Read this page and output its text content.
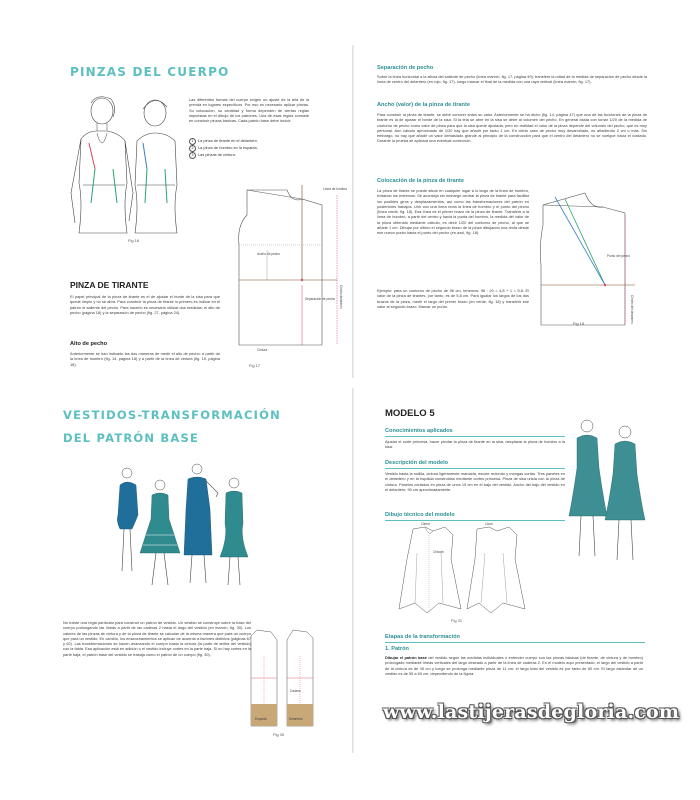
PINZAS DEL CUERPO
Fig 16

Las diferentes formas del cuerpo exigen un ajuste de la tela de la prenda en lugares específicos. Por eso es necesario aplicar pinzas. Su colocación, su cantidad y forma dependen de ciertas reglas impuestas en el dibujo de los patrones. Una de esas reglas consiste en construir pinzas básicas. Cada patrón base debe incluir:

1 La pinza de tirante en el delantero.
2 La pinza de hombro en la espalda.
3 Las pinzas de cintura.
Línea de hombro
Ancho de pecho
Separación de pecho Centro delantero
Cintura
Fig 17
PINZA DE TIRANTE

El papel principal de la pinza de tirante es el de ajustar el borde de la sisa para que quede limpio y no se abra. Para construir la pinza de tirante lo primero es indicar en el patrón el saliente del pecho. Para hacerlo es necesario utilizar dos medidas: el alto de pecho (página 18) y la separación de pecho (fig. 27, página 24).

Alto de pecho

Anteriormente se han indicado las dos maneras de medir el alto de pecho: a partir de la línea de hombro (fig. 14, página 18) y a partir de la línea de cintura (fig. 15, página 18).

Separación de pecho

Sobre la línea horizontal a la altura del saliente de pecho (línea marrón, fig. 17, página 49), transferir la mitad de la medida de separación de pecho desde la línea de centro del delantero (en rojo, fig. 17), luego marcar el final de la medida con una raya vertical (línea marrón, fig. 17).

Ancho (valor) de la pinza de tirante

Para construir la pinza de tirante, se debe conocer antes su valor. Anteriormente se ha dicho (fig. 14, página 47) que una de las funciones de la pinza de tirante es la de ajustar el borde de la sisa. Si la tela se abre en la sisa se debe al volumen del pecho. En general basta con tomar 1/20 de la medida de contorno de pecho como valor de pinza para que la sisa quede ajustada, pero en realidad el valor de la pinza depende del volumen del pecho, que es muy personal. Aun cálculo aproximado de 1/20 hay que añadir por tanto 1 cm. En cierto caso de pecho muy desarrollado, es añadiendo 2 cm o más. Sin embargo, no hay que añadir un valor demasiado grande al principio de la construcción para que el centro del delantero no se vuelque hacia el costado. Durante la prueba se aplicará una eventual corrección.

Colocación de la pinza de tirante

La pinza de tirante se puede situar en cualquier lugar a lo largo de la línea de hombro, evitando los extremos. Se aconseja sin embargo centrar la pinza de tirante para facilitar los posibles giros y desplazamientos, así como las transformaciones del patrón en posteriores trabajos. Unir con una línea recta la línea de hombro y el punto del pecho (línea verde, fig. 18). Esa línea es el primer brazo de la pinza de tirante. Transferir a la línea de hombro, a partir del centro y hacia la punta del hombro, la medida del valor de la pinza obtenido mediante cálculo, es decir 1/20 del contorno de pecho, al que se añade 1 cm. Dibujar por último el segundo brazo de la pinza dibujando una recta desde ese nuevo punto hasta el punto del pecho (en azul, fig. 18).

Ejemplo: para un contorno de pecho de 96 cm, tenemos: 96 : 20 = 4,8 + 1 = 5,8. El valor de la pinza de tirantes, por tanto, es de 5,8 cm. Para igualar los largos de los dos brazos de la pinza, medir el largo del primer brazo (en verde, fig. 18) y transferir ese valor al segundo brazo. Marcar un punto.

Punto del pecho
Centro del delantero
Fig 18
VESTIDOS-TRANSFORMACIÓN
DEL PATRÓN BASE

No existe una regla particular para construir un patrón de vestido. Un vestido se construye sobre la base del cuerpo prolongando las líneas a partir de las caderas 2 hasta el largo del vestido (en marrón, fig. 30). Los valores de las pinzas de cintura y de la pinza de tirante se calculan de la misma manera que para un cuerpo que para un vestido. En cambio, los ensanchamientos se aplican de acuerdo a factores distintos (páginas 67 y 62). Las transformaciones se hacen avanzando el cuerpo hasta la cintura (la parte de arriba del vestido) con la falda. Esa aplicación está en adición o el vestido incluye cortes en la parte baja. Si no hay cortes en la parte baja, el patrón base del vestido se trabaja como el patrón de un cuerpo (fig. 30).

Cadera
Espalda	Delantero
Fig 30
MODELO 5
Conocimientos aplicados

Ajustar el corte princesa, hacer pivotar la pinza de tirante en la sisa, desplazar la pinza de hombro a la sisa.

Descripción del modelo

Vestido hasta la rodilla, cintura ligeramente marcada, escote redondo y mangas cortas. Tres paneles en el delantero y en la espalda construidos mediante cortes princesa. Pinza de sisa unida con la pinza de cintura. Paneles cortados en pieza de unos 15 cm en el bajo del vestido. Ancho del bajo del vestido en el delantero: 90 cm aproximadamente.

Dibujo técnico del modelo
13mm	14cm
Chicote
Fig 31
Etapas de la transformación
1. Patrón

Dibujar el patrón base del vestido según las medidas individuales o entender cuerpo con las pinzas básicas (de tirante, de cintura y de hombro) prolongado mediante líneas verticales del largo deseado a partir de la línea de caderas 2. En el modelo aquí presentado, el largo del vestido a partir de la cintura es de 45 cm y luego se prolonga mediante pinza de 11 cm; el largo total del vestido es por tanto de 60 cm. El largo estándar de un vestido es de 55 a 60 cm, dependiendo de la figura.

www.lastijerasdegloria.com
